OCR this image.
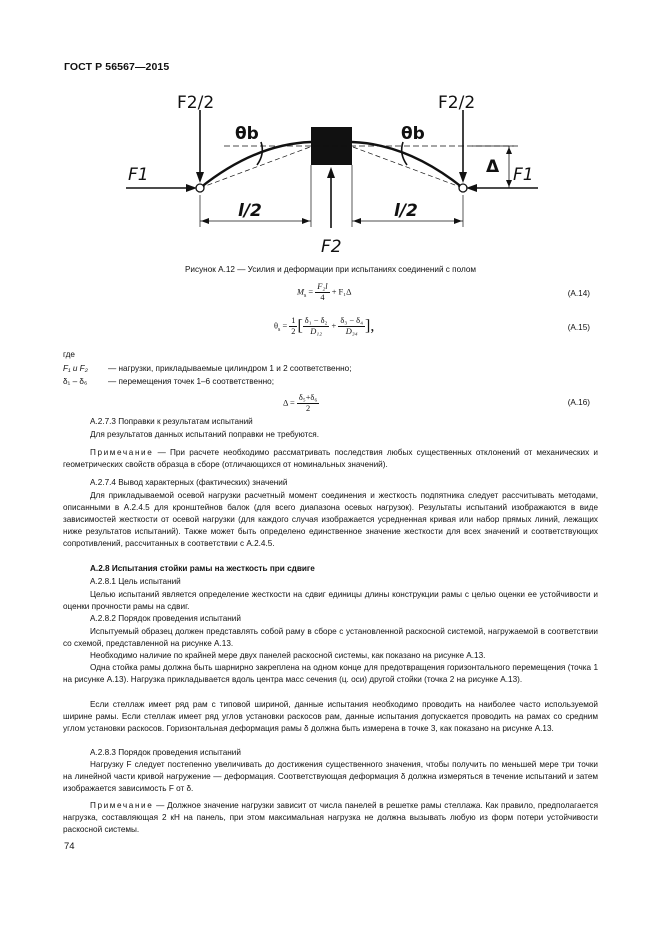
ГОСТ Р 56567—2015
F2/2	F2/2
θb	θb
Δ
F1	F1
l/2	l/2
F2
Рисунок А.12 — Усилия и деформации при испытаниях соединений с полом
$M_s = \frac{\text{F₂l}}{4} + F_1\Delta$	(А.14)
$\theta_s = \frac{1}{2}$ [ $\frac{\text{δ₁ − δ₂}}{\text{D₁₂}} + \frac{\text{δ₃ − δ₄}}{\text{D₃₄}}$ ],	(А.15)
где
F₁ и F₂ — нагрузки, прикладываемые цилиндром 1 и 2 соответственно;
δ₁ – δ₆	— перемещения точек 1–6 соответственно;
$\Delta = \frac{\text{δ₅+δ₆}}{2}$	(А.16)
А.2.7.3 Поправки к результатам испытаний
Для результатов данных испытаний поправки не требуются.
Примечание — При расчете необходимо рассматривать последствия любых существенных отклонений от механических и геометрических свойств образца в сборе (отличающихся от номинальных значений).
А.2.7.4 Вывод характерных (фактических) значений
Для прикладываемой осевой нагрузки расчетный момент соединения и жесткость подпятника следует рассчитывать методами, описанными в А.2.4.5 для кронштейнов балок (для всего диапазона осевых нагрузок). Результаты испытаний изображаются в виде зависимостей жесткости от осевой нагрузки (для каждого случая изображается усредненная кривая или набор прямых линий, лежащих ниже результатов испытаний). Также может быть определено единственное значение жесткости для всех значений и соответствующих сопротивлений, рассчитанных в соответствии с А.2.4.5.
А.2.8 Испытания стойки рамы на жесткость при сдвиге
А.2.8.1 Цель испытаний
Целью испытаний является определение жесткости на сдвиг единицы длины конструкции рамы с целью оценки ее устойчивости и оценки прочности рамы на сдвиг.
А.2.8.2 Порядок проведения испытаний
Испытуемый образец должен представлять собой раму в сборе с установленной раскосной системой, нагружаемой в соответствии со схемой, представленной на рисунке А.13.
Необходимо наличие по крайней мере двух панелей раскосной системы, как показано на рисунке А.13.
Одна стойка рамы должна быть шарнирно закреплена на одном конце для предотвращения горизонтального перемещения (точка 1 на рисунке А.13). Нагрузка прикладывается вдоль центра масс сечения (ц. оси) другой стойки (точка 2 на рисунке А.13).
Если стеллаж имеет ряд рам с типовой шириной, данные испытания необходимо проводить на наиболее часто используемой ширине рамы. Если стеллаж имеет ряд углов установки раскосов рам, данные испытания допускается проводить на рамах со средним углом установки раскосов. Горизонтальная деформация рамы δ должна быть измерена в точке 3, как показано на рисунке А.13.
А.2.8.3 Порядок проведения испытаний
Нагрузку F следует постепенно увеличивать до достижения существенного значения, чтобы получить по меньшей мере три точки на линейной части кривой нагружение — деформация. Соответствующая деформация δ должна измеряться в течение испытаний и затем изображается зависимость F от δ.
Примечание — Должное значение нагрузки зависит от числа панелей в решетке рамы стеллажа. Как правило, предполагается нагрузка, составляющая 2 кН на панель, при этом максимальная нагрузка не должна вызывать любую из форм потери устойчивости раскосной системы.
74
